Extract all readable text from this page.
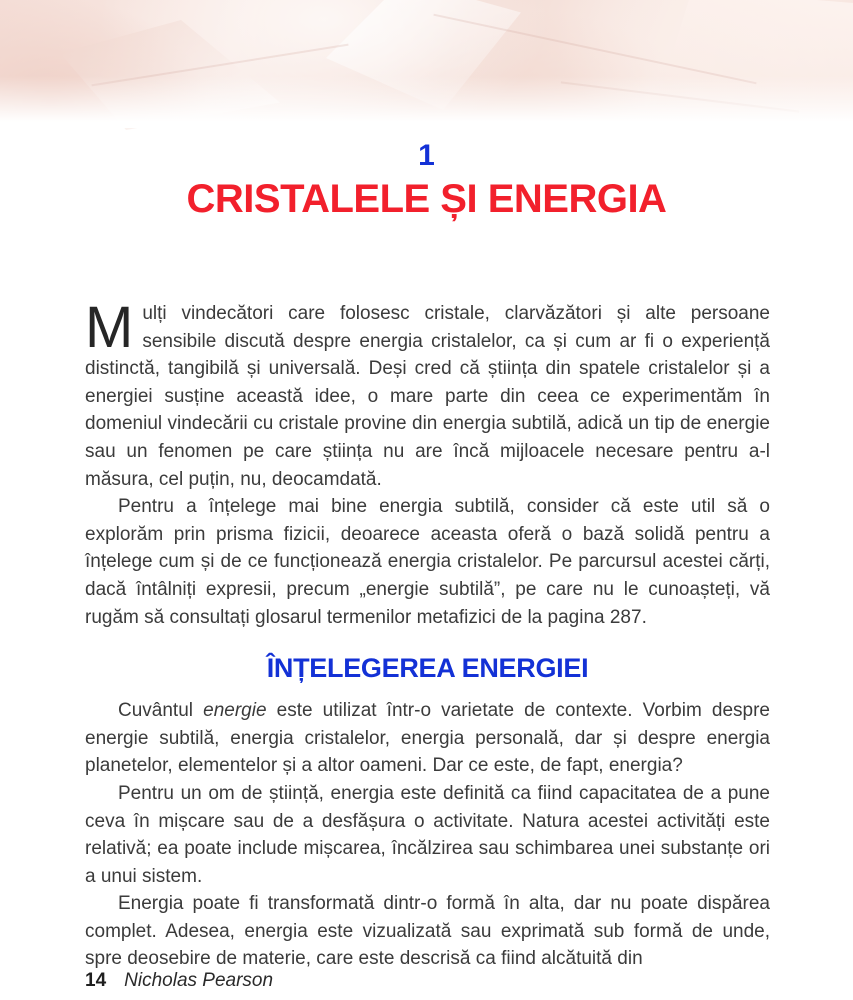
1
CRISTALELE ȘI ENERGIA

Mulți vindecători care folosesc cristale, clarvăzători și alte persoane sensibile discută despre energia cristalelor, ca și cum ar fi o experiență distinctă, tangibilă și universală. Deși cred că știința din spatele cristalelor și a energiei susține această idee, o mare parte din ceea ce experimentăm în domeniul vindecării cu cristale provine din energia subtilă, adică un tip de energie sau un fenomen pe care știința nu are încă mijloacele necesare pentru a-l măsura, cel puțin, nu, deocamdată.

Pentru a înțelege mai bine energia subtilă, consider că este util să o explorăm prin prisma fizicii, deoarece aceasta oferă o bază solidă pentru a înțelege cum și de ce funcționează energia cristalelor. Pe parcursul acestei cărți, dacă întâlniți expresii, precum „energie subtilă”, pe care nu le cunoașteți, vă rugăm să consultați glosarul termenilor metafizici de la pagina 287.

ÎNȚELEGEREA ENERGIEI

Cuvântul energie este utilizat într-o varietate de contexte. Vorbim despre energie subtilă, energia cristalelor, energia personală, dar și despre energia planetelor, elementelor și a altor oameni. Dar ce este, de fapt, energia?

Pentru un om de știință, energia este definită ca fiind capacitatea de a pune ceva în mișcare sau de a desfășura o activitate. Natura acestei activități este relativă; ea poate include mișcarea, încălzirea sau schimbarea unei substanțe ori a unui sistem.

Energia poate fi transformată dintr-o formă în alta, dar nu poate dispărea complet. Adesea, energia este vizualizată sau exprimată sub formă de unde, spre deosebire de materie, care este descrisă ca fiind alcătuită din

14 Nicholas Pearson
